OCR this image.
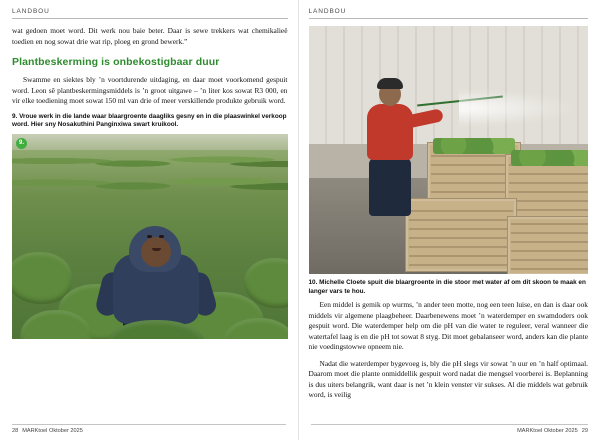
LANDBOU

wat gedoen moet word. Dit werk nou baie beter. Daar is sewe trekkers wat chemikalieë toedien en nog sowat drie wat rip, ploeg en grond bewerk.”

Plantbeskerming is onbekostigbaar duur

Swamme en siektes bly ’n voortdurende uitdaging, en daar moet voorkomend gespuit word. Leon sê plantbeskermingsmiddels is ’n groot uitgawe – ’n liter kos sowat R3 000, en vir elke toediening moet sowat 150 ml van drie of meer verskillende produkte gebruik word.

9. Vroue werk in die lande waar blaargroente daagliks gesny en in die plaaswinkel verkoop word. Hier sny Nosakuthini Panginxiwa swart kruikool.
9.
28 MARKtoel Oktober 2025
LANDBOU
10. Michelle Cloete spuit die blaargroente in die stoor met water af om dit skoon te maak en langer vars te hou.

Een middel is gemik op wurms, ’n ander teen motte, nog een teen luise, en dan is daar ook middels vir algemene plaagbeheer. Daarbenewens moet ’n waterdemper en swamdoders ook gespuit word. Die waterdemper help om die pH van die water te reguleer, veral wanneer die watertafel laag is en die pH tot sowat 8 styg. Dit moet gebalanseer word, anders kan die plante nie voedingstowwe opneem nie.

Nadat die waterdemper bygevoeg is, bly die pH slegs vir sowat ’n uur en ’n half optimaal. Daarom moet die plante onmiddellik gespuit word nadat die mengsel voorberei is. Beplanning is dus uiters belangrik, want daar is net ’n klein venster vir sukses. Al die middels wat gebruik word, is veilig

MARKtoel Oktober 2025 29
